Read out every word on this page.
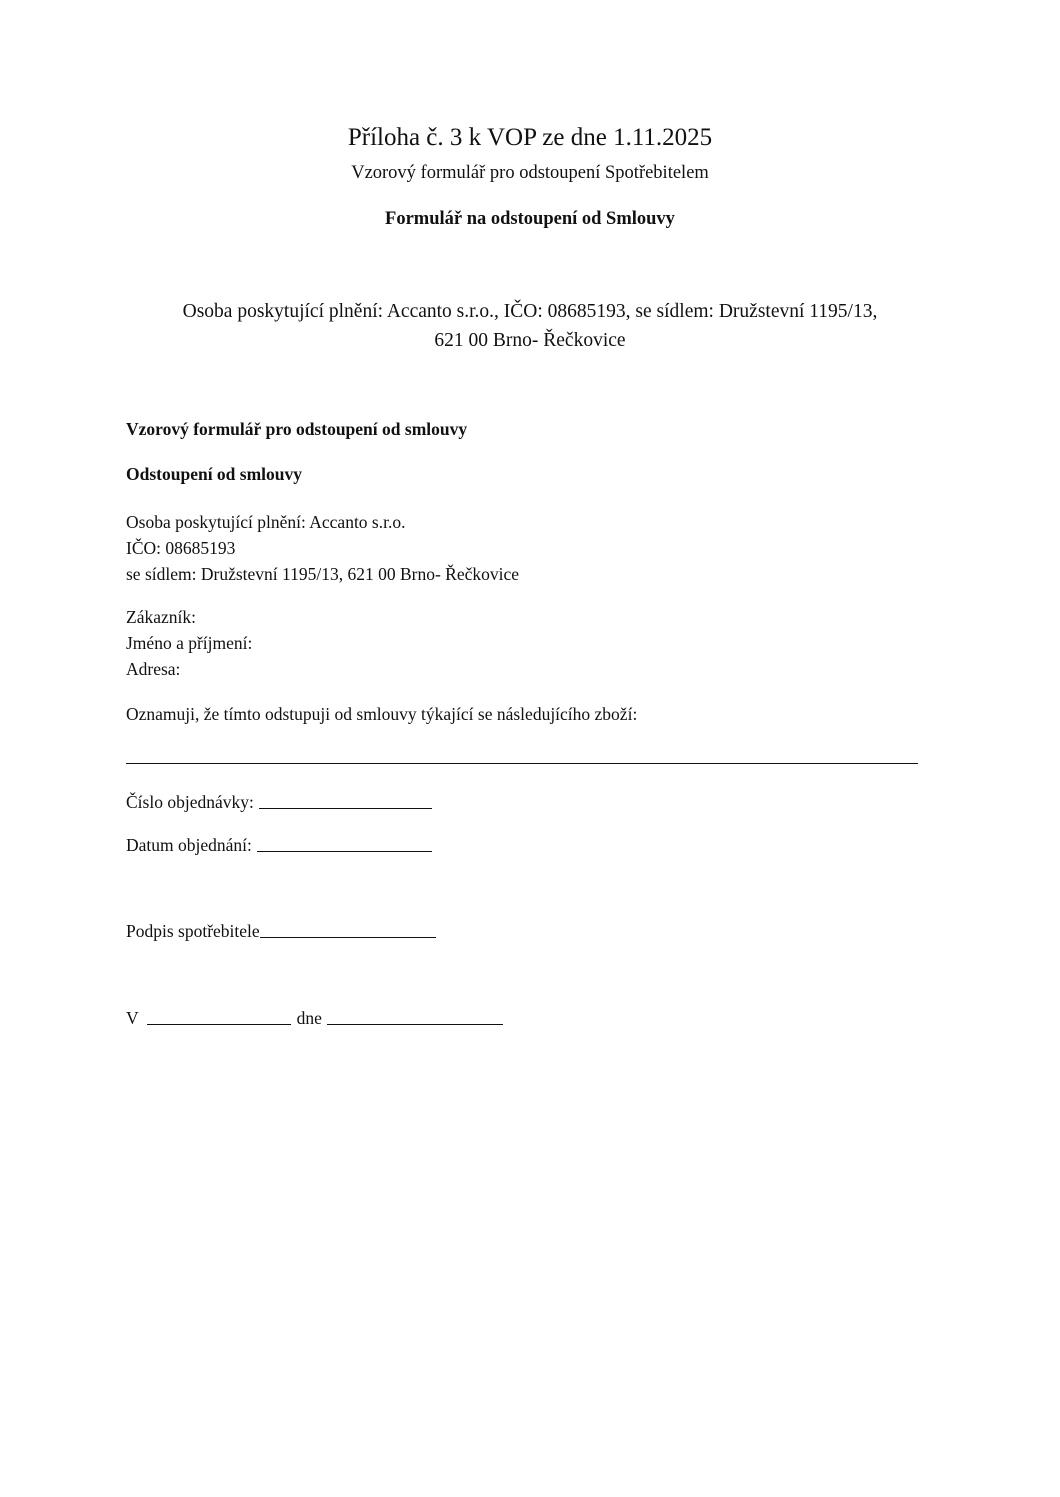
Příloha č. 3 k VOP ze dne 1.11.2025
Vzorový formulář pro odstoupení Spotřebitelem
Formulář na odstoupení od Smlouvy
Osoba poskytující plnění: Accanto s.r.o., IČO: 08685193, se sídlem: Družstevní 1195/13,
621 00 Brno- Řečkovice
Vzorový formulář pro odstoupení od smlouvy
Odstoupení od smlouvy
Osoba poskytující plnění: Accanto s.r.o.
IČO: 08685193
se sídlem: Družstevní 1195/13, 621 00 Brno- Řečkovice
Zákazník:
Jméno a příjmení:
Adresa:
Oznamuji, že tímto odstupuji od smlouvy týkající se následujícího zboží:
Číslo objednávky:
Datum objednání:
Podpis spotřebitele
V	dne
